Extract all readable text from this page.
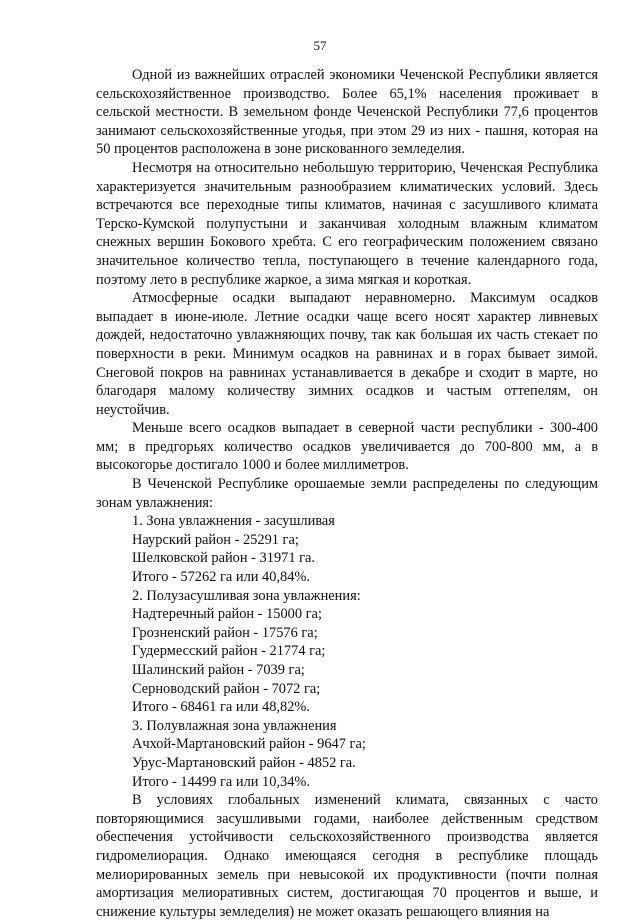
57

Одной из важнейших отраслей экономики Чеченской Республики является сельскохозяйственное производство. Более 65,1% населения проживает в сельской местности. В земельном фонде Чеченской Республики 77,6 процентов занимают сельскохозяйственные угодья, при этом 29 из них - пашня, которая на 50 процентов расположена в зоне рискованного земледелия.

Несмотря на относительно небольшую территорию, Чеченская Республика характеризуется значительным разнообразием климатических условий. Здесь встречаются все переходные типы климатов, начиная с засушливого климата Терско-Кумской полупустыни и заканчивая холодным влажным климатом снежных вершин Бокового хребта. С его географическим положением связано значительное количество тепла, поступающего в течение календарного года, поэтому лето в республике жаркое, а зима мягкая и короткая.

Атмосферные осадки выпадают неравномерно. Максимум осадков выпадает в июне-июле. Летние осадки чаще всего носят характер ливневых дождей, недостаточно увлажняющих почву, так как большая их часть стекает по поверхности в реки. Минимум осадков на равнинах и в горах бывает зимой. Снеговой покров на равнинах устанавливается в декабре и сходит в марте, но благодаря малому количеству зимних осадков и частым оттепелям, он неустойчив.

Меньше всего осадков выпадает в северной части республики - 300-400 мм; в предгорьях количество осадков увеличивается до 700-800 мм, а в высокогорье достигало 1000 и более миллиметров.

В Чеченской Республике орошаемые земли распределены по следующим зонам увлажнения:

1. Зона увлажнения - засушливая
Наурский район - 25291 га;
Шелковской район - 31971 га.
Итого - 57262 га или 40,84%.
2. Полузасушливая зона увлажнения:
Надтеречный район - 15000 га;
Грозненский район - 17576 га;
Гудермесский район - 21774 га;
Шалинский район - 7039 га;
Серноводский район - 7072 га;
Итого - 68461 га или 48,82%.
3. Полувлажная зона увлажнения
Ачхой-Мартановский район - 9647 га;
Урус-Мартановский район - 4852 га.
Итого - 14499 га или 10,34%.

В условиях глобальных изменений климата, связанных с часто повторяющимися засушливыми годами, наиболее действенным средством обеспечения устойчивости сельскохозяйственного производства является гидромелиорация. Однако имеющаяся сегодня в республике площадь мелиорированных земель при невысокой их продуктивности (почти полная амортизация мелиоративных систем, достигающая 70 процентов и выше, и снижение культуры земледелия) не может оказать решающего влияния на
